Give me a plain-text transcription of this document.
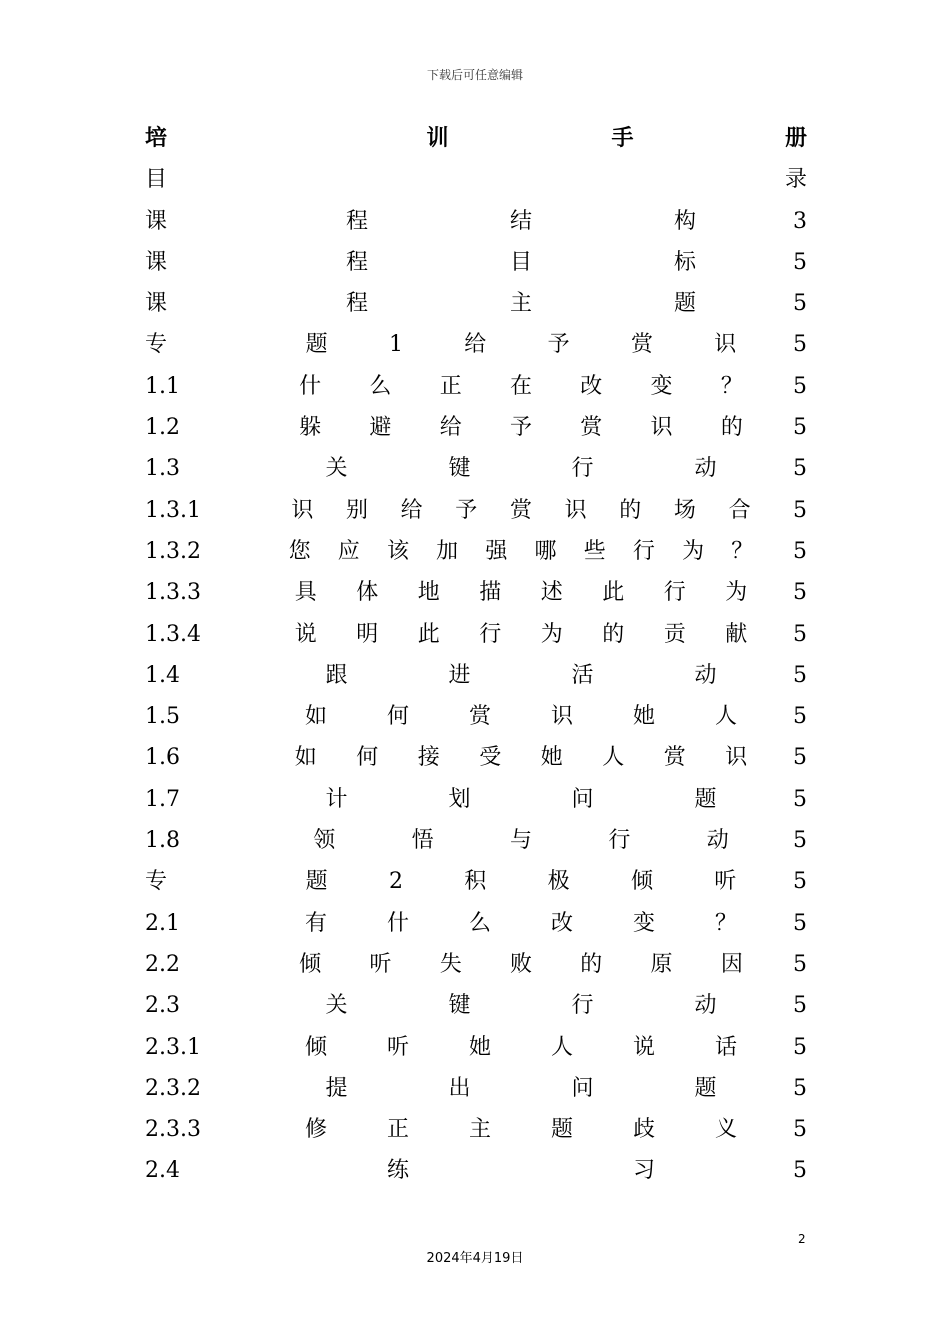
下载后可任意编辑
培	训	手	册
目	录
课	程	结	构	3
课	程	目	标	5
课	程	主	题	5
专	题	1	给	予	赏	识	5
1.1	什 么 正 在 改 变 ？ 5
1.2	躲 避 给 予 赏 识 的 5
1.3	关	键	行	动	5
1.3.1	识 别 给 予 赏 识 的 场 合 5
1.3.2	您 应 该 加 强 哪 些 行 为 ？ 5
1.3.3	具 体 地 描 述 此 行 为 5
1.3.4	说 明 此 行 为 的 贡 献 5
1.4	跟	进	活	动	5
1.5	如	何	赏	识	她	人	5
1.6	如 何 接 受 她 人 赏 识 5
1.7	计	划	问	题	5
1.8	领	悟	与	行	动	5
专	题	2	积	极	倾	听	5
2.1	有	什	么	改	变	？	5
2.2	倾 听 失 败 的 原 因 5
2.3	关	键	行	动	5
2.3.1	倾	听	她	人	说	话	5
2.3.2	提	出	问	题	5
2.3.3	修	正	主	题	歧	义	5
2.4	练	习	5
2
2024年4月19日
